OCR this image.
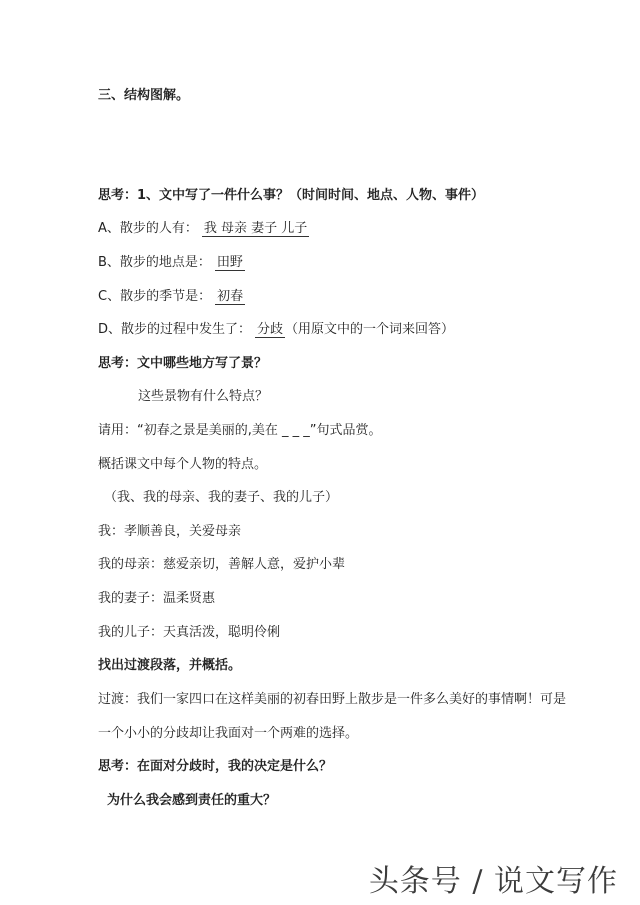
三、结构图解。
思考：1、文中写了一件什么事？（时间时间、地点、人物、事件）
A、散步的人有： 我 母亲 妻子 儿子
B、散步的地点是： 田野
C、散步的季节是： 初春
D、散步的过程中发生了： 分歧 （用原文中的一个词来回答）
思考：文中哪些地方写了景？
这些景物有什么特点？
请用：“初春之景是美丽的,美在 _ _ _”句式品赏。
概括课文中每个人物的特点。
（我、我的母亲、我的妻子、我的儿子）
我：孝顺善良，关爱母亲
我的母亲：慈爱亲切，善解人意，爱护小辈
我的妻子：温柔贤惠
我的儿子：天真活泼，聪明伶俐
找出过渡段落，并概括。
过渡：我们一家四口在这样美丽的初春田野上散步是一件多么美好的事情啊！可是
一个小小的分歧却让我面对一个两难的选择。
思考：在面对分歧时，我的决定是什么？
为什么我会感到责任的重大？
头条号 / 说文写作
